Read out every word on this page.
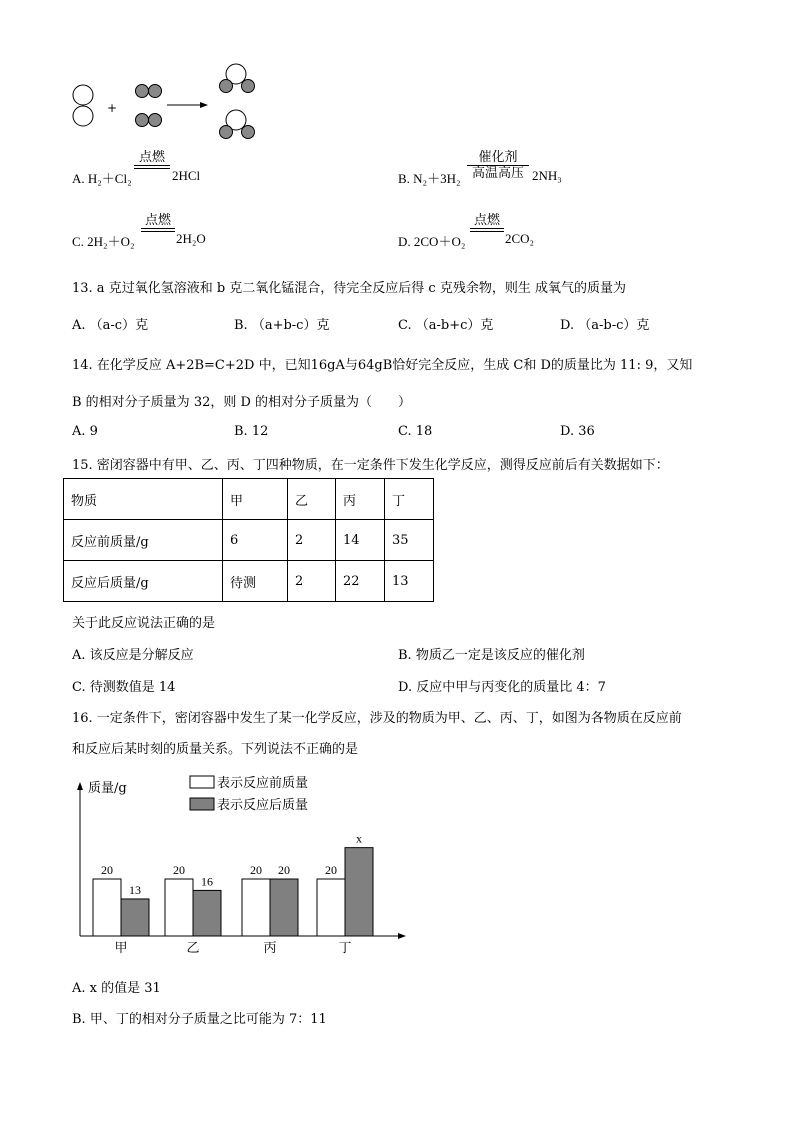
+
A. H₂＋Cl₂
点燃
2HCl	B. N₂＋3H₂
催化剂
高温高压 2NH₃
C. 2H₂＋O₂
点燃
2H₂O	D. 2CO＋O₂
点燃
2CO₂
13. a 克过氧化氢溶液和 b 克二氧化锰混合，待完全反应后得 c 克残余物，则生 成氧气的质量为
A. （a-c）克	B. （a+b-c）克	C. （a-b+c）克	D. （a-b-c）克
14. 在化学反应 A+2B=C+2D 中，已知16gA与64gB恰好完全反应，生成 C和 D的质量比为 11: 9，又知
B 的相对分子质量为 32，则 D 的相对分子质量为（　　）
A. 9	B. 12	C. 18	D. 36
15. 密闭容器中有甲、乙、丙、丁四种物质，在一定条件下发生化学反应，测得反应前后有关数据如下：
物质	甲	乙	丙	丁
反应前质量/g	6	2	14	35
反应后质量/g	待测	2	22	13
关于此反应说法正确的是
A. 该反应是分解反应	B. 物质乙一定是该反应的催化剂
C. 待测数值是 14	D. 反应中甲与丙变化的质量比 4：7
16. 一定条件下，密闭容器中发生了某一化学反应，涉及的物质为甲、乙、丙、丁，如图为各物质在反应前
和反应后某时刻的质量关系。下列说法不正确的是
质量/g	表示反应前质量
表示反应后质量
20
13
甲
20
16
乙
20 20
丙
20
x
丁
A. x 的值是 31
B. 甲、丁的相对分子质量之比可能为 7：11
